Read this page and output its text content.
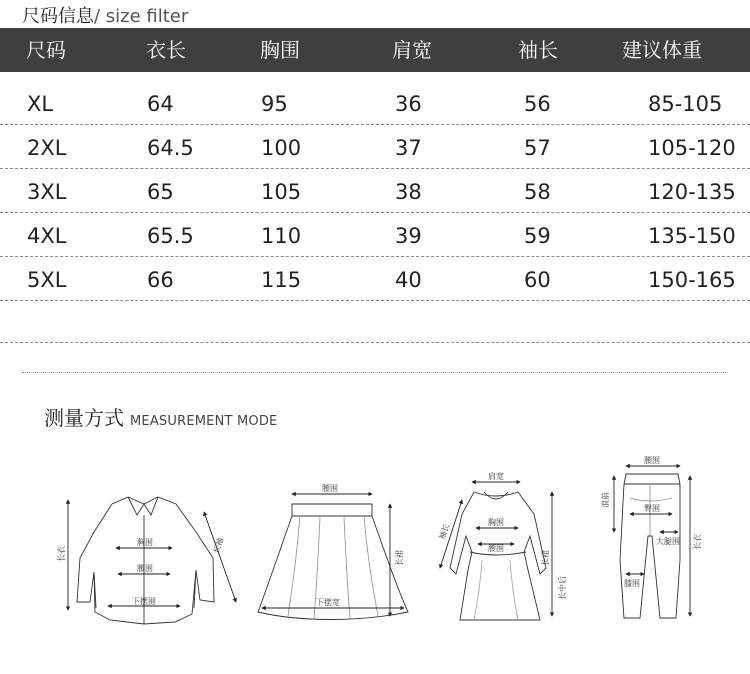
尺码信息/ size filter
尺码	衣长	胸围	肩宽	袖长	建议体重
XL	64	95	36	56	85-105
2XL	64.5	100	37	57	105-120
3XL	65	105	38	58	120-135
4XL	65.5	110	39	59	135-150
5XL	66	115	40	60	150-165
测量方式 MEASUREMENT MODE
长衣	长袖
胸围
腰围
下摆围
腰围
长裙
下摆宽
肩宽
袖长
胸围
腰围
长裙
长中后
腰围
浪前
臀围
大腿围
膝围
长衣
